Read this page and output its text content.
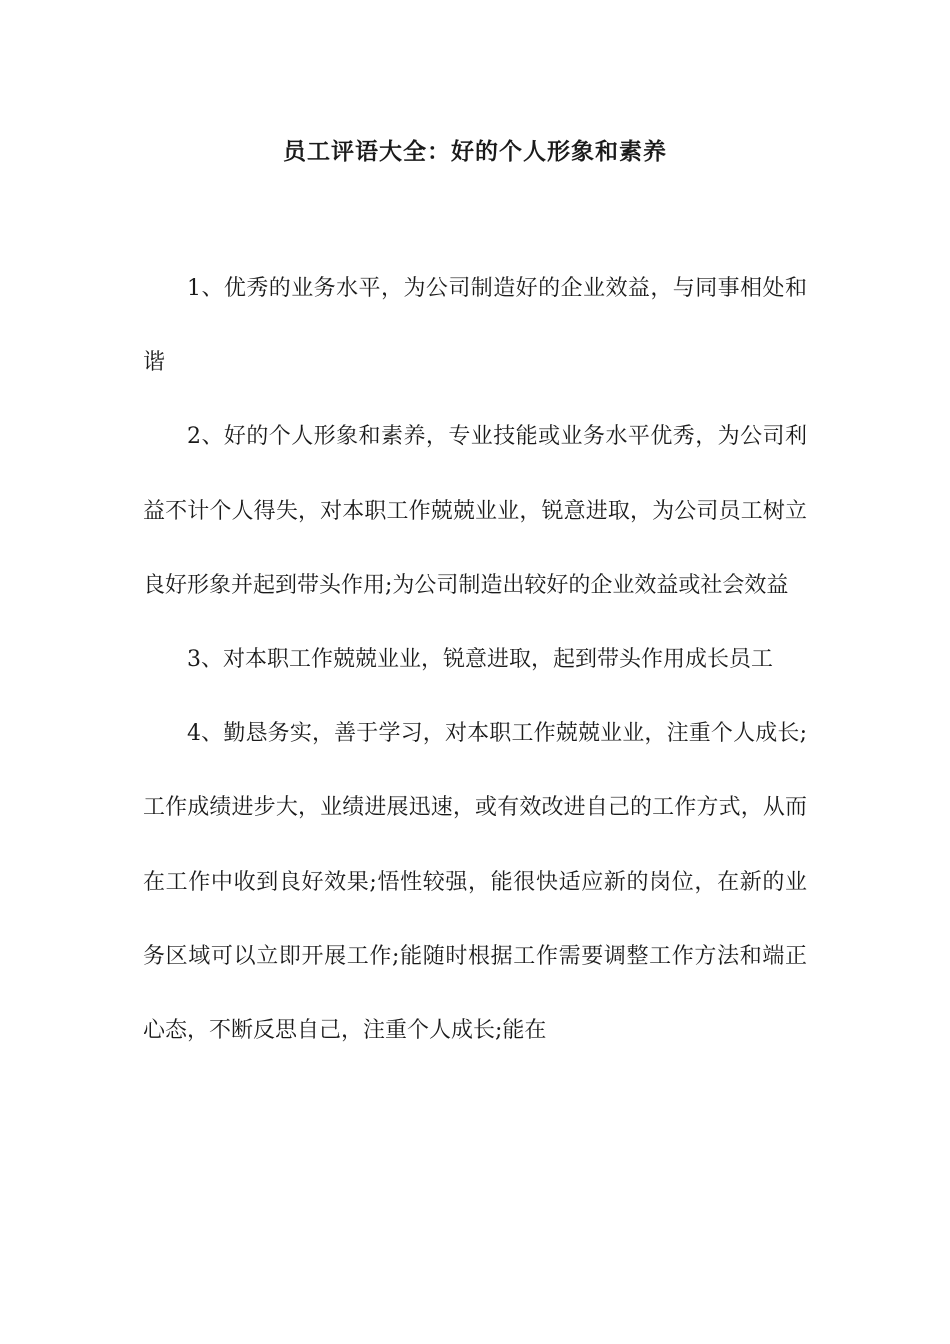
员工评语大全：好的个人形象和素养

1、优秀的业务水平，为公司制造好的企业效益，与同事相处和谐

2、好的个人形象和素养，专业技能或业务水平优秀，为公司利益不计个人得失，对本职工作兢兢业业，锐意进取，为公司员工树立良好形象并起到带头作用;为公司制造出较好的企业效益或社会效益

3、对本职工作兢兢业业，锐意进取，起到带头作用成长员工

4、勤恳务实，善于学习，对本职工作兢兢业业，注重个人成长;工作成绩进步大，业绩进展迅速，或有效改进自己的工作方式，从而在工作中收到良好效果;悟性较强，能很快适应新的岗位，在新的业务区域可以立即开展工作;能随时根据工作需要调整工作方法和端正心态，不断反思自己，注重个人成长;能在
